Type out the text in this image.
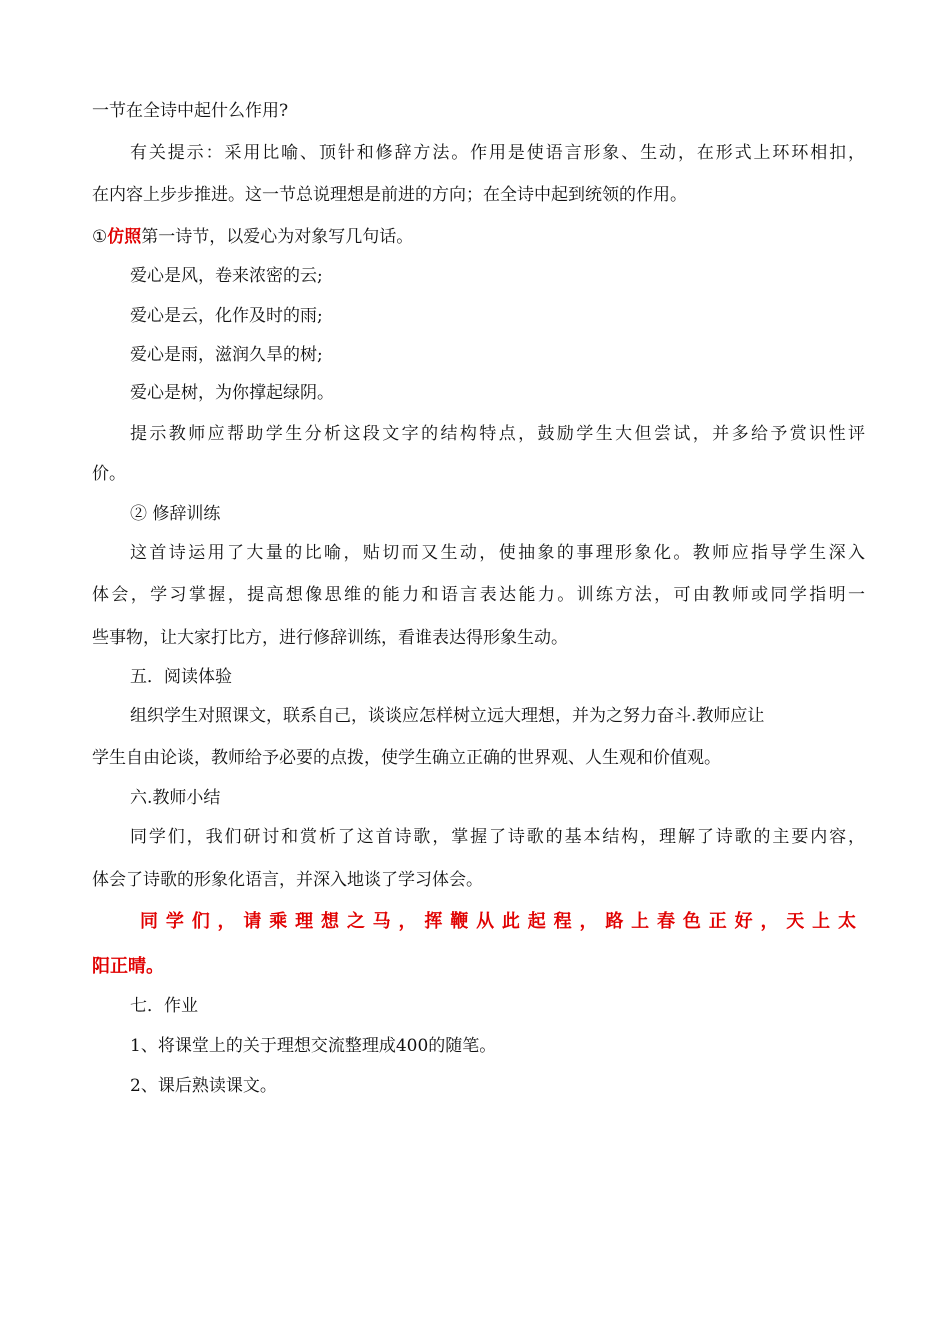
一节在全诗中起什么作用?
有关提示：采用比喻、顶针和修辞方法。作用是使语言形象、生动，在形式上环环相扣，
在内容上步步推进。这一节总说理想是前进的方向；在全诗中起到统领的作用。
①仿照第一诗节，以爱心为对象写几句话。
爱心是风，卷来浓密的云;
爱心是云，化作及时的雨;
爱心是雨，滋润久旱的树;
爱心是树，为你撑起绿阴。
提示教师应帮助学生分析这段文字的结构特点，鼓励学生大但尝试，并多给予赏识性评
价。
② 修辞训练
这首诗运用了大量的比喻，贴切而又生动，使抽象的事理形象化。教师应指导学生深入
体会，学习掌握，提高想像思维的能力和语言表达能力。训练方法，可由教师或同学指明一
些事物，让大家打比方，进行修辞训练，看谁表达得形象生动。
五．阅读体验
组织学生对照课文，联系自己，谈谈应怎样树立远大理想，并为之努力奋斗.教师应让
学生自由论谈，教师给予必要的点拨，使学生确立正确的世界观、人生观和价值观。
六.教师小结
同学们，我们研讨和赏析了这首诗歌，掌握了诗歌的基本结构，理解了诗歌的主要内容，
体会了诗歌的形象化语言，并深入地谈了学习体会。
同学们，请乘理想之马，挥鞭从此起程，路上春色正好，天上太
阳正晴。
七．作业
1、将课堂上的关于理想交流整理成400的随笔。
2、课后熟读课文。
